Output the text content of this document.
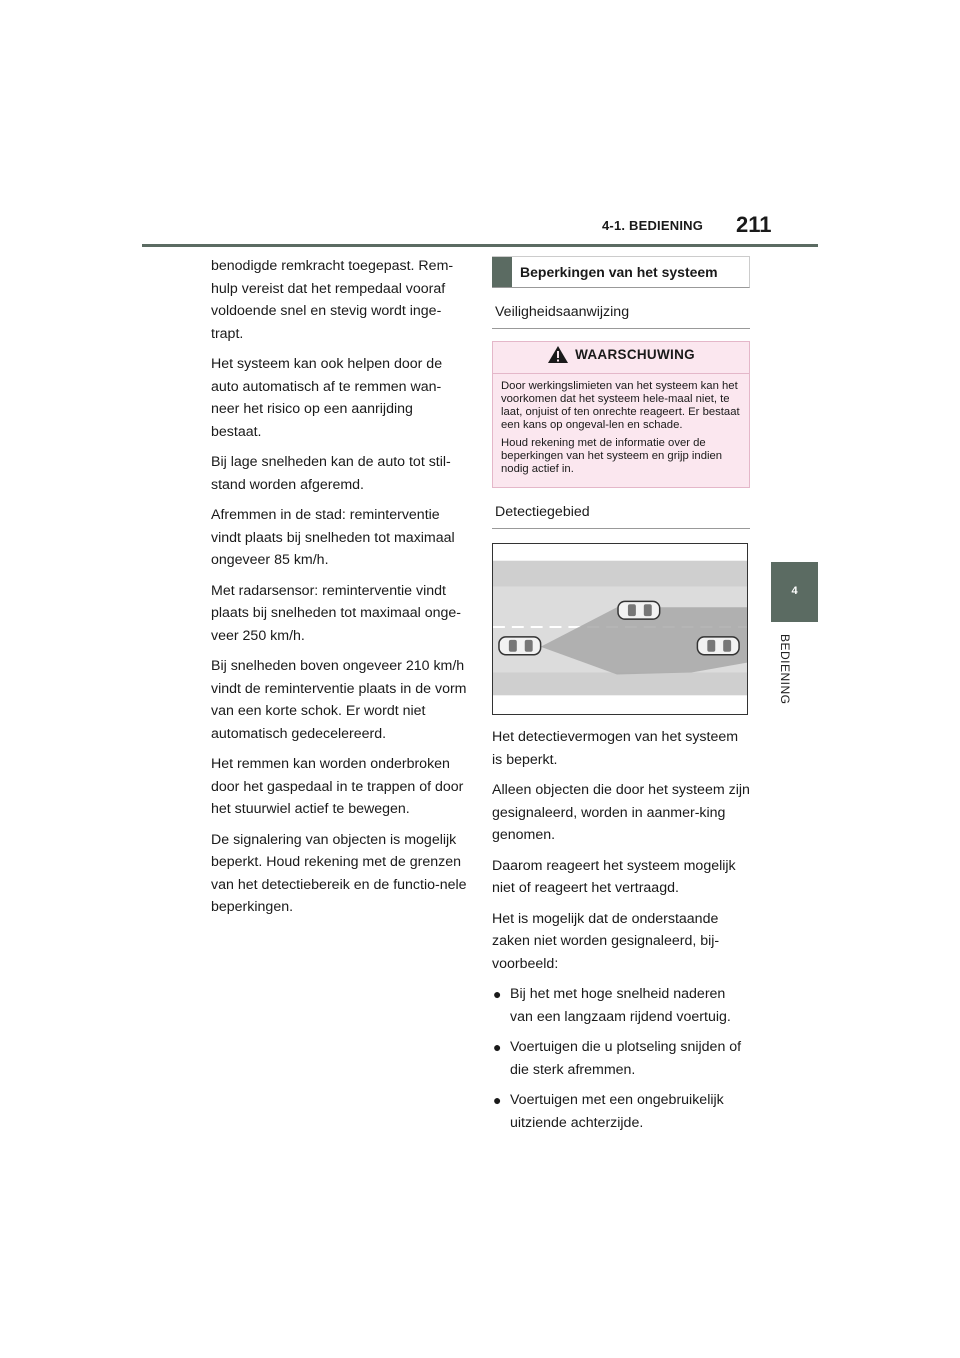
4-1. BEDIENING 211
4
BEDIENING

benodigde remkracht toegepast. Rem-hulp vereist dat het rempedaal vooraf voldoende snel en stevig wordt inge-trapt.

Het systeem kan ook helpen door de auto automatisch af te remmen wan-neer het risico op een aanrijding bestaat.

Bij lage snelheden kan de auto tot stil-stand worden afgeremd.

Afremmen in de stad: reminterventie vindt plaats bij snelheden tot maximaal ongeveer 85 km/h.

Met radarsensor: reminterventie vindt plaats bij snelheden tot maximaal onge-veer 250 km/h.

Bij snelheden boven ongeveer 210 km/h vindt de reminterventie plaats in de vorm van een korte schok. Er wordt niet automatisch gedecelereerd.

Het remmen kan worden onderbroken door het gaspedaal in te trappen of door het stuurwiel actief te bewegen.

De signalering van objecten is mogelijk beperkt. Houd rekening met de grenzen van het detectiebereik en de functio-nele beperkingen.

Beperkingen van het systeem
Veiligheidsaanwijzing
WAARSCHUWING

Door werkingslimieten van het systeem kan het voorkomen dat het systeem hele-maal niet, te laat, onjuist of ten onrechte reageert. Er bestaat een kans op ongeval-len en schade.

Houd rekening met de informatie over de beperkingen van het systeem en grijp indien nodig actief in.

Detectiegebied

Het detectievermogen van het systeem is beperkt.

Alleen objecten die door het systeem zijn gesignaleerd, worden in aanmer-king genomen.

Daarom reageert het systeem mogelijk niet of reageert het vertraagd.

Het is mogelijk dat de onderstaande zaken niet worden gesignaleerd, bij-voorbeeld:

● Bij het met hoge snelheid naderen van een langzaam rijdend voertuig.
● Voertuigen die u plotseling snijden of die sterk afremmen.
● Voertuigen met een ongebruikelijk uitziende achterzijde.
